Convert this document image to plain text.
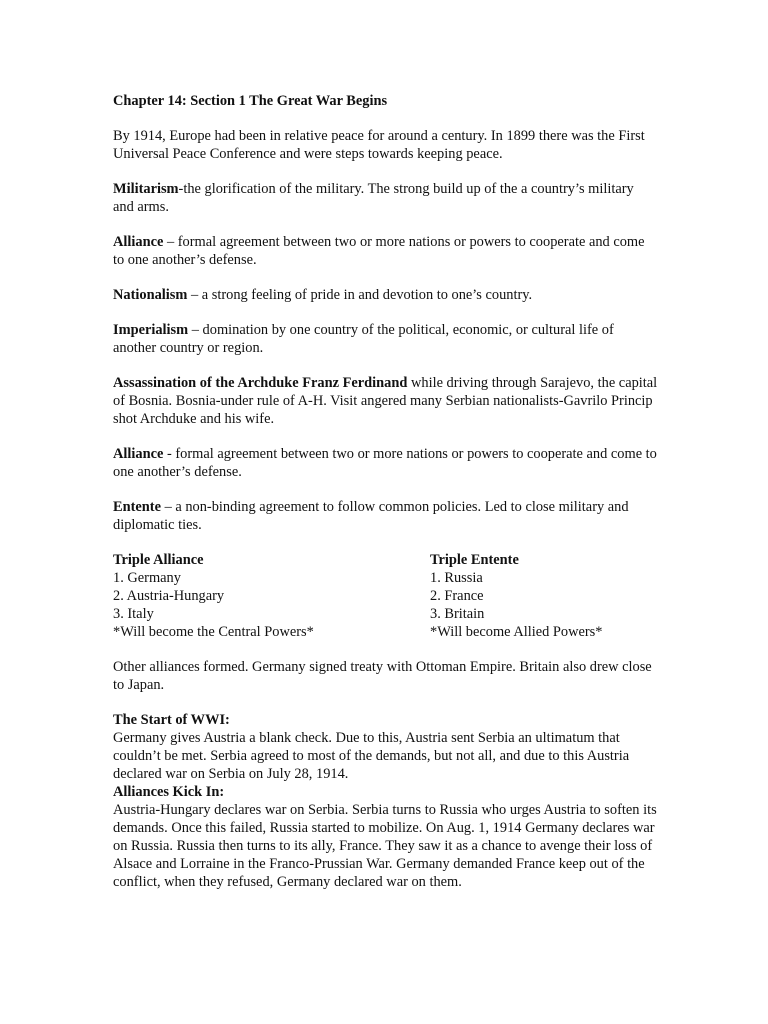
Chapter 14: Section 1 The Great War Begins

By 1914, Europe had been in relative peace for around a century. In 1899 there was the First Universal Peace Conference and were steps towards keeping peace.

Militarism-the glorification of the military. The strong build up of the a country’s military and arms.

Alliance – formal agreement between two or more nations or powers to cooperate and come to one another’s defense.

Nationalism – a strong feeling of pride in and devotion to one’s country.

Imperialism – domination by one country of the political, economic, or cultural life of another country or region.

Assassination of the Archduke Franz Ferdinand while driving through Sarajevo, the capital of Bosnia. Bosnia-under rule of A-H. Visit angered many Serbian nationalists-Gavrilo Princip shot Archduke and his wife.

Alliance - formal agreement between two or more nations or powers to cooperate and come to one another’s defense.

Entente – a non-binding agreement to follow common policies. Led to close military and diplomatic ties.

Triple Alliance
1. Germany
2. Austria-Hungary
3. Italy
*Will become the Central Powers*
Triple Entente
1. Russia
2. France
3. Britain
*Will become Allied Powers*

Other alliances formed. Germany signed treaty with Ottoman Empire. Britain also drew close to Japan.

The Start of WWI:

Germany gives Austria a blank check. Due to this, Austria sent Serbia an ultimatum that couldn’t be met. Serbia agreed to most of the demands, but not all, and due to this Austria declared war on Serbia on July 28, 1914.

Alliances Kick In:

Austria-Hungary declares war on Serbia. Serbia turns to Russia who urges Austria to soften its demands. Once this failed, Russia started to mobilize. On Aug. 1, 1914 Germany declares war on Russia. Russia then turns to its ally, France. They saw it as a chance to avenge their loss of Alsace and Lorraine in the Franco-Prussian War. Germany demanded France keep out of the conflict, when they refused, Germany declared war on them.
